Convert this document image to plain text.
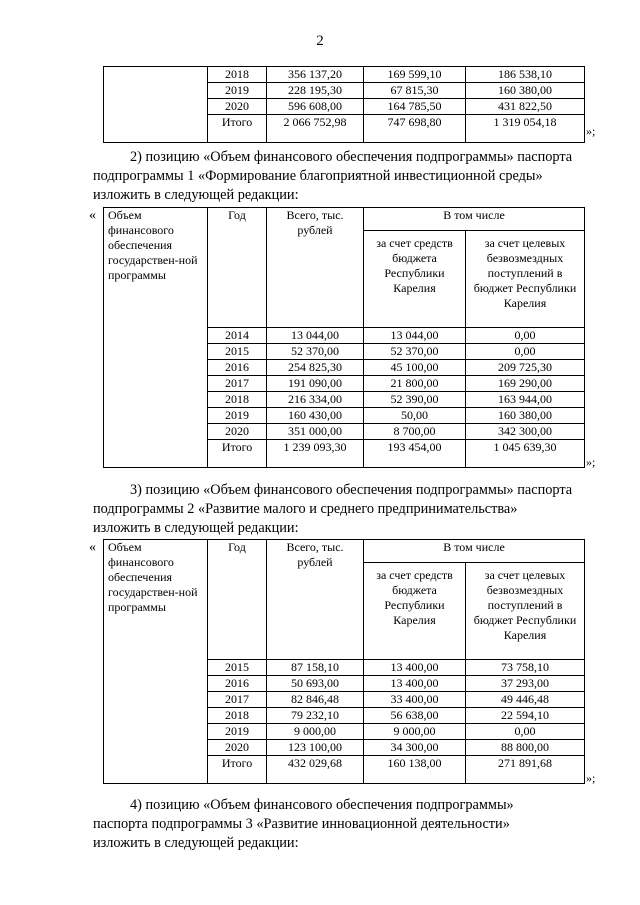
2
	2018	356 137,20	169 599,10	186 538,10
	2019	228 195,30	67 815,30	160 380,00
	2020	596 608,00	164 785,50	431 822,50
	Итого	2 066 752,98	747 698,80	1 319 054,18
»;
2) позицию «Объем финансового обеспечения подпрограммы» паспорта
подпрограммы 1 «Формирование благоприятной инвестиционной среды»
изложить в следующей редакции:
« Объем финансового обеспечения государствен-ной программы	Год	Всего, тыс. рублей	В том числе	
			за счет средств бюджета Республики Карелия	за счет целевых безвозмездных поступлений в бюджет Республики Карелия
	2014	13 044,00	13 044,00	0,00
	2015	52 370,00	52 370,00	0,00
	2016	254 825,30	45 100,00	209 725,30
	2017	191 090,00	21 800,00	169 290,00
	2018	216 334,00	52 390,00	163 944,00
	2019	160 430,00	50,00	160 380,00
	2020	351 000,00	8 700,00	342 300,00
	Итого	1 239 093,30	193 454,00	1 045 639,30
»;
3) позицию «Объем финансового обеспечения подпрограммы» паспорта
подпрограммы 2 «Развитие малого и среднего предпринимательства»
изложить в следующей редакции:
« Объем финансового обеспечения государствен-ной программы	Год	Всего, тыс. рублей	В том числе	
			за счет средств бюджета Республики Карелия	за счет целевых безвозмездных поступлений в бюджет Республики Карелия
	2015	87 158,10	13 400,00	73 758,10
	2016	50 693,00	13 400,00	37 293,00
	2017	82 846,48	33 400,00	49 446,48
	2018	79 232,10	56 638,00	22 594,10
	2019	9 000,00	9 000,00	0,00
	2020	123 100,00	34 300,00	88 800,00
	Итого	432 029,68	160 138,00	271 891,68
»;
4) позицию «Объем финансового обеспечения подпрограммы»
паспорта подпрограммы 3 «Развитие инновационной деятельности»
изложить в следующей редакции:
